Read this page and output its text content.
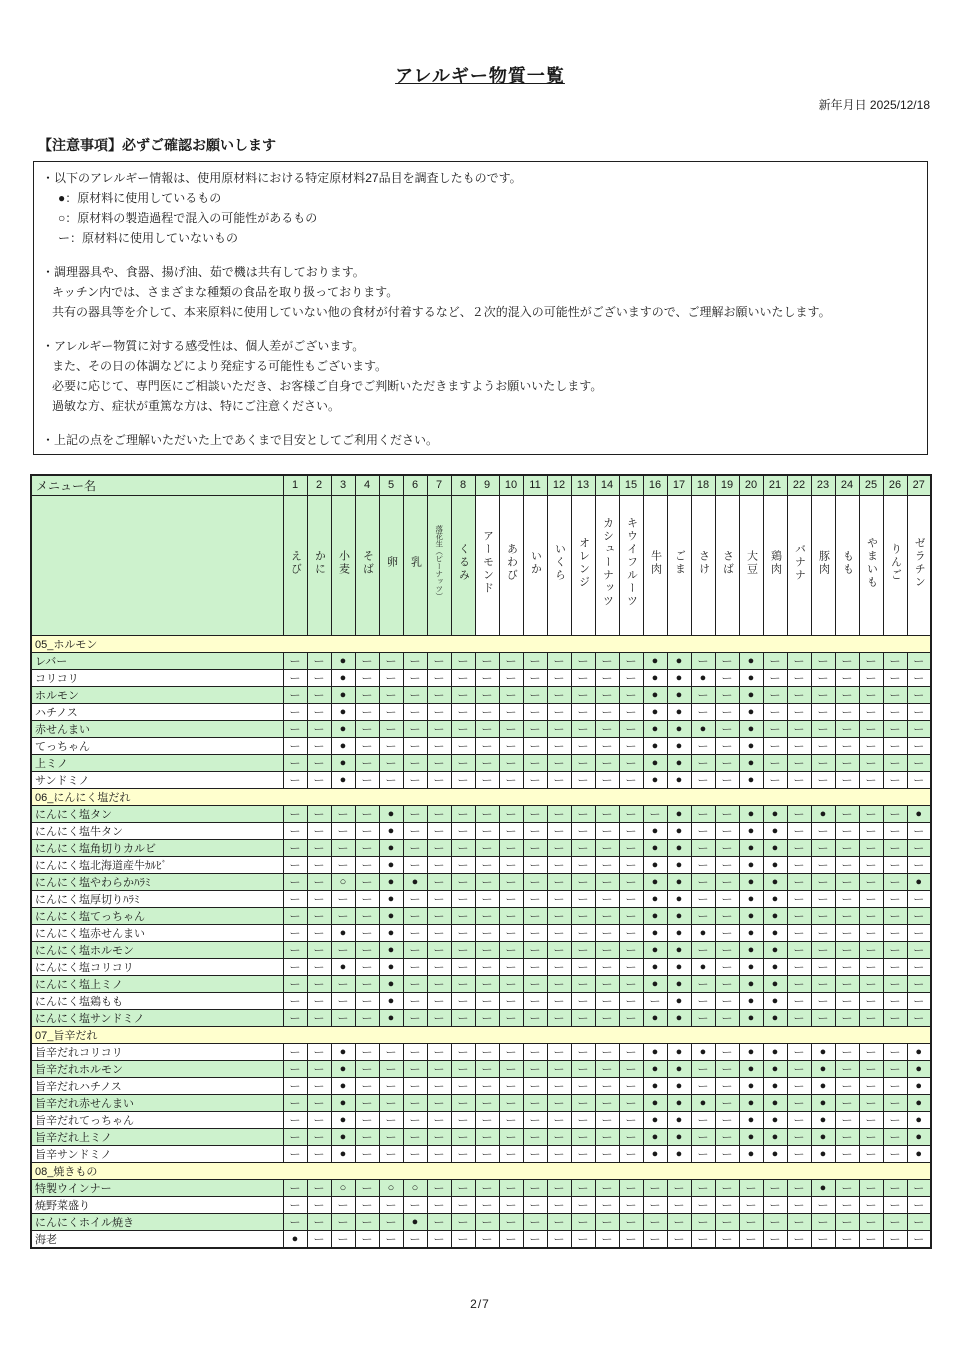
アレルギー物質一覧
新年月日 2025/12/18
【注意事項】必ずご確認お願いします
・以下のアレルギー情報は、使用原材料における特定原材料27品目を調査したものです。
●：原材料に使用しているもの
○：原材料の製造過程で混入の可能性があるもの
ー：原材料に使用していないもの
・調理器具や、食器、揚げ油、茹で機は共有しております。
キッチン内では、さまざまな種類の食品を取り扱っております。
共有の器具等を介して、本来原料に使用していない他の食材が付着するなど、２次的混入の可能性がございますので、ご理解お願いいたします。
・アレルギー物質に対する感受性は、個人差がございます。
また、その日の体調などにより発症する可能性もございます。
必要に応じて、専門医にご相談いただき、お客様ご自身でご判断いただきますようお願いいたします。
過敏な方、症状が重篤な方は、特にご注意ください。
・上記の点をご理解いただいた上であくまで目安としてご利用ください。
メニュー名	1	2	3	4	5	6	7	8	9	10	11	12	13	14	15	16	17	18	19	20	21	22	23	24	25	26	27
	えび	かに	小麦	そば	卵	乳	落花生（ピーナッツ）	くるみ	アーモンド	あわび	いか	いくら	オレンジ	カシューナッツ	キウイフルーツ	牛肉	ごま	さけ	さば	大豆	鶏肉	バナナ	豚肉	もも	やまいも	りんご	ゼラチン
05_ホルモン																											
レバー	ー	ー	●	ー	ー	ー	ー	ー	ー	ー	ー	ー	ー	ー	ー	●	●	ー	ー	●	ー	ー	ー	ー	ー	ー	ー
コリコリ	ー	ー	●	ー	ー	ー	ー	ー	ー	ー	ー	ー	ー	ー	ー	●	●	●	ー	●	ー	ー	ー	ー	ー	ー	ー
ホルモン	ー	ー	●	ー	ー	ー	ー	ー	ー	ー	ー	ー	ー	ー	ー	●	●	ー	ー	●	ー	ー	ー	ー	ー	ー	ー
ハチノス	ー	ー	●	ー	ー	ー	ー	ー	ー	ー	ー	ー	ー	ー	ー	●	●	ー	ー	●	ー	ー	ー	ー	ー	ー	ー
赤せんまい	ー	ー	●	ー	ー	ー	ー	ー	ー	ー	ー	ー	ー	ー	ー	●	●	●	ー	●	ー	ー	ー	ー	ー	ー	ー
てっちゃん	ー	ー	●	ー	ー	ー	ー	ー	ー	ー	ー	ー	ー	ー	ー	●	●	ー	ー	●	ー	ー	ー	ー	ー	ー	ー
上ミノ	ー	ー	●	ー	ー	ー	ー	ー	ー	ー	ー	ー	ー	ー	ー	●	●	ー	ー	●	ー	ー	ー	ー	ー	ー	ー
サンドミノ	ー	ー	●	ー	ー	ー	ー	ー	ー	ー	ー	ー	ー	ー	ー	●	●	ー	ー	●	ー	ー	ー	ー	ー	ー	ー
06_にんにく塩だれ																											
にんにく塩タン	ー	ー	ー	ー	●	ー	ー	ー	ー	ー	ー	ー	ー	ー	ー	ー	●	ー	ー	●	●	ー	●	ー	ー	ー	●
にんにく塩牛タン	ー	ー	ー	ー	●	ー	ー	ー	ー	ー	ー	ー	ー	ー	ー	●	●	ー	ー	●	●	ー	ー	ー	ー	ー	ー
にんにく塩角切りカルビ	ー	ー	ー	ー	●	ー	ー	ー	ー	ー	ー	ー	ー	ー	ー	●	●	ー	ー	●	●	ー	ー	ー	ー	ー	ー
にんにく塩北海道産牛ｶﾙﾋﾞ	ー	ー	ー	ー	●	ー	ー	ー	ー	ー	ー	ー	ー	ー	ー	●	●	ー	ー	●	●	ー	ー	ー	ー	ー	ー
にんにく塩やわらかﾊﾗﾐ	ー	ー	○	ー	●	●	ー	ー	ー	ー	ー	ー	ー	ー	ー	●	●	ー	ー	●	●	ー	ー	ー	ー	ー	●
にんにく塩厚切りﾊﾗﾐ	ー	ー	ー	ー	●	ー	ー	ー	ー	ー	ー	ー	ー	ー	ー	●	●	ー	ー	●	●	ー	ー	ー	ー	ー	ー
にんにく塩てっちゃん	ー	ー	ー	ー	●	ー	ー	ー	ー	ー	ー	ー	ー	ー	ー	●	●	ー	ー	●	●	ー	ー	ー	ー	ー	ー
にんにく塩赤せんまい	ー	ー	●	ー	●	ー	ー	ー	ー	ー	ー	ー	ー	ー	ー	●	●	●	ー	●	●	ー	ー	ー	ー	ー	ー
にんにく塩ホルモン	ー	ー	ー	ー	●	ー	ー	ー	ー	ー	ー	ー	ー	ー	ー	●	●	ー	ー	●	●	ー	ー	ー	ー	ー	ー
にんにく塩コリコリ	ー	ー	●	ー	●	ー	ー	ー	ー	ー	ー	ー	ー	ー	ー	●	●	●	ー	●	●	ー	ー	ー	ー	ー	ー
にんにく塩上ミノ	ー	ー	ー	ー	●	ー	ー	ー	ー	ー	ー	ー	ー	ー	ー	●	●	ー	ー	●	●	ー	ー	ー	ー	ー	ー
にんにく塩鶏もも	ー	ー	ー	ー	●	ー	ー	ー	ー	ー	ー	ー	ー	ー	ー	ー	●	ー	ー	●	●	ー	ー	ー	ー	ー	ー
にんにく塩サンドミノ	ー	ー	ー	ー	●	ー	ー	ー	ー	ー	ー	ー	ー	ー	ー	●	●	ー	ー	●	●	ー	ー	ー	ー	ー	ー
07_旨辛だれ																											
旨辛だれコリコリ	ー	ー	●	ー	ー	ー	ー	ー	ー	ー	ー	ー	ー	ー	ー	●	●	●	ー	●	●	ー	●	ー	ー	ー	●
旨辛だれホルモン	ー	ー	●	ー	ー	ー	ー	ー	ー	ー	ー	ー	ー	ー	ー	●	●	ー	ー	●	●	ー	●	ー	ー	ー	●
旨辛だれハチノス	ー	ー	●	ー	ー	ー	ー	ー	ー	ー	ー	ー	ー	ー	ー	●	●	ー	ー	●	●	ー	●	ー	ー	ー	●
旨辛だれ赤せんまい	ー	ー	●	ー	ー	ー	ー	ー	ー	ー	ー	ー	ー	ー	ー	●	●	●	ー	●	●	ー	●	ー	ー	ー	●
旨辛だれてっちゃん	ー	ー	●	ー	ー	ー	ー	ー	ー	ー	ー	ー	ー	ー	ー	●	●	ー	ー	●	●	ー	●	ー	ー	ー	●
旨辛だれ上ミノ	ー	ー	●	ー	ー	ー	ー	ー	ー	ー	ー	ー	ー	ー	ー	●	●	ー	ー	●	●	ー	●	ー	ー	ー	●
旨辛サンドミノ	ー	ー	●	ー	ー	ー	ー	ー	ー	ー	ー	ー	ー	ー	ー	●	●	ー	ー	●	●	ー	●	ー	ー	ー	●
08_焼きもの																											
特製ウインナー	ー	ー	○	ー	○	○	ー	ー	ー	ー	ー	ー	ー	ー	ー	ー	ー	ー	ー	ー	ー	ー	●	ー	ー	ー	ー
焼野菜盛り	ー	ー	ー	ー	ー	ー	ー	ー	ー	ー	ー	ー	ー	ー	ー	ー	ー	ー	ー	ー	ー	ー	ー	ー	ー	ー	ー
にんにくホイル焼き	ー	ー	ー	ー	ー	●	ー	ー	ー	ー	ー	ー	ー	ー	ー	ー	ー	ー	ー	ー	ー	ー	ー	ー	ー	ー	ー
海老	●	ー	ー	ー	ー	ー	ー	ー	ー	ー	ー	ー	ー	ー	ー	ー	ー	ー	ー	ー	ー	ー	ー	ー	ー	ー	ー
2/7
